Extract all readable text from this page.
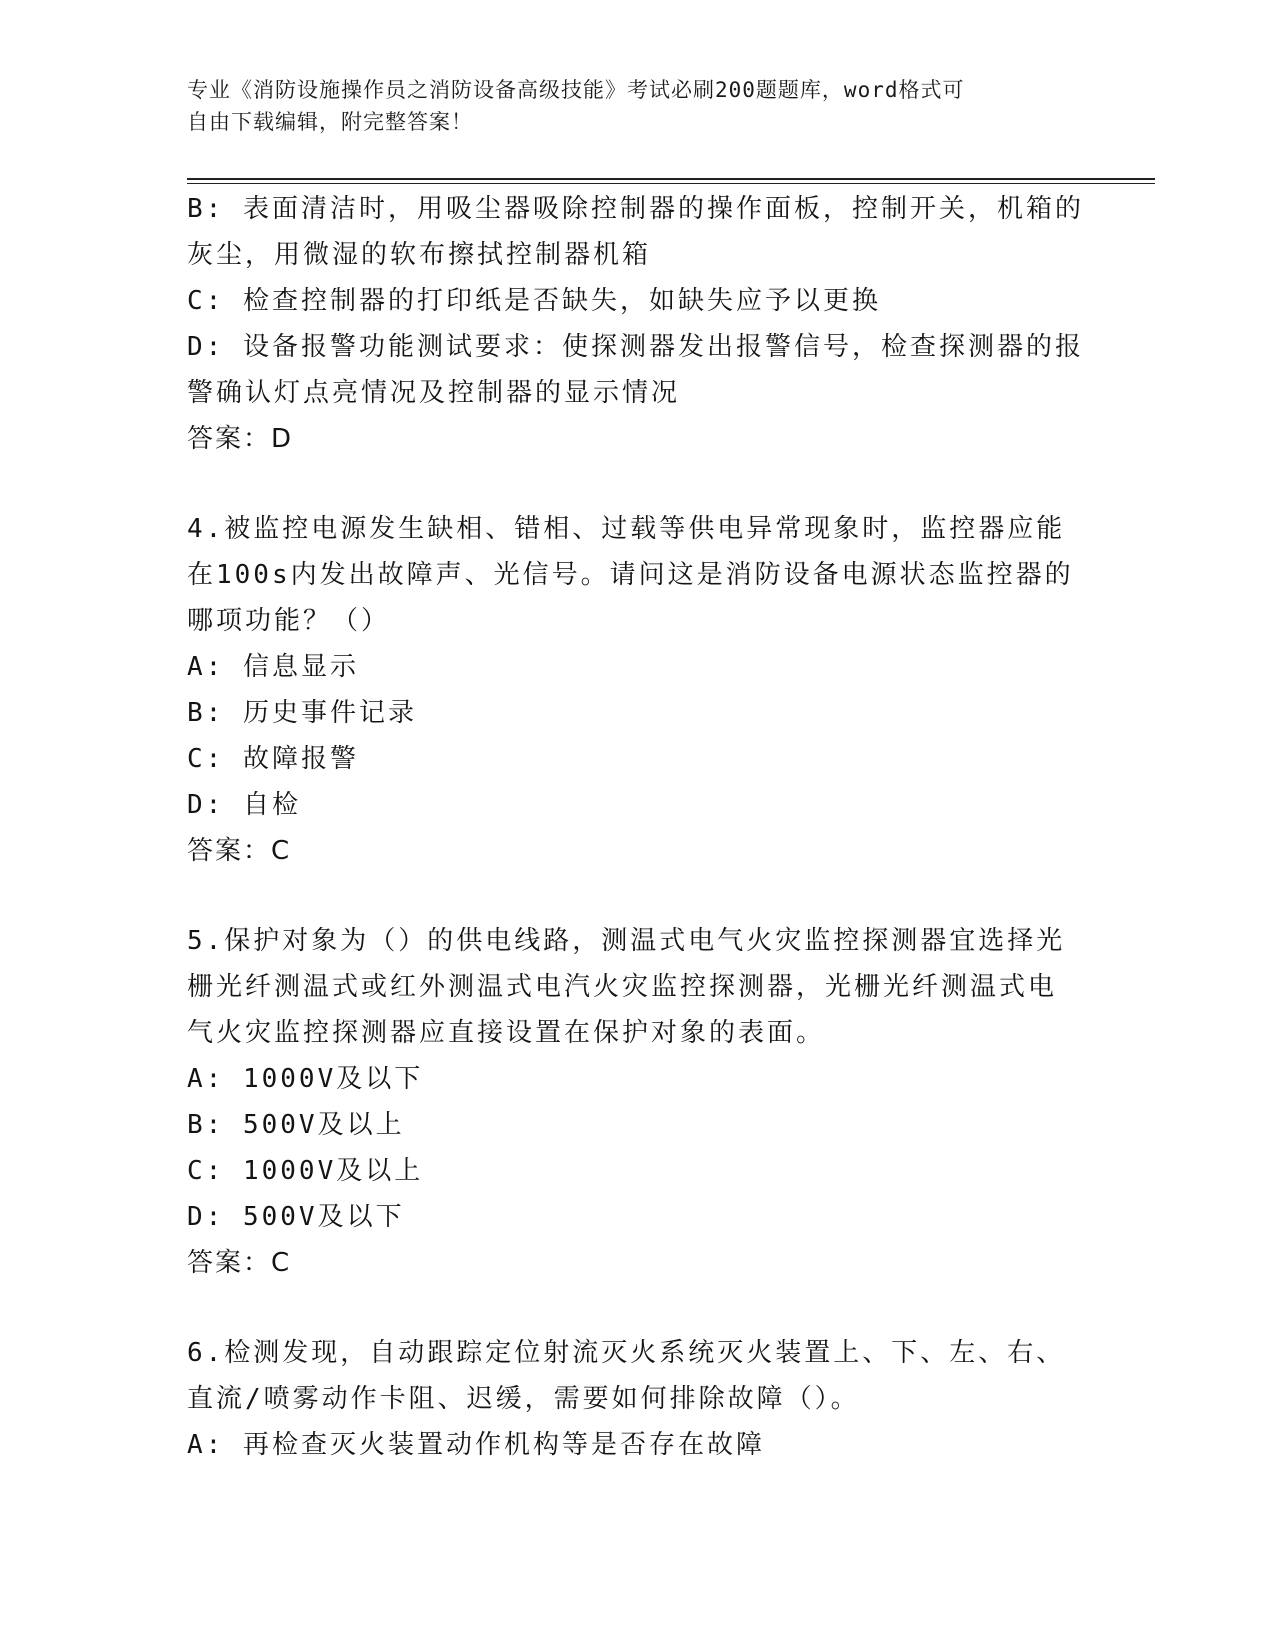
专业《消防设施操作员之消防设备高级技能》考试必刷200题题库，word格式可
自由下载编辑，附完整答案！
B: 表面清洁时，用吸尘器吸除控制器的操作面板，控制开关，机箱的
灰尘，用微湿的软布擦拭控制器机箱
C: 检查控制器的打印纸是否缺失，如缺失应予以更换
D: 设备报警功能测试要求：使探测器发出报警信号，检查探测器的报
警确认灯点亮情况及控制器的显示情况
答案：D
4.被监控电源发生缺相、错相、过载等供电异常现象时，监控器应能
在100s内发出故障声、光信号。请问这是消防设备电源状态监控器的
哪项功能？（）
A: 信息显示
B: 历史事件记录
C: 故障报警
D: 自检
答案：C
5.保护对象为（）的供电线路，测温式电气火灾监控探测器宜选择光
栅光纤测温式或红外测温式电汽火灾监控探测器，光栅光纤测温式电
气火灾监控探测器应直接设置在保护对象的表面。
A: 1000V及以下
B: 500V及以上
C: 1000V及以上
D: 500V及以下
答案：C
6.检测发现，自动跟踪定位射流灭火系统灭火装置上、下、左、右、
直流/喷雾动作卡阻、迟缓，需要如何排除故障（）。
A: 再检查灭火装置动作机构等是否存在故障
